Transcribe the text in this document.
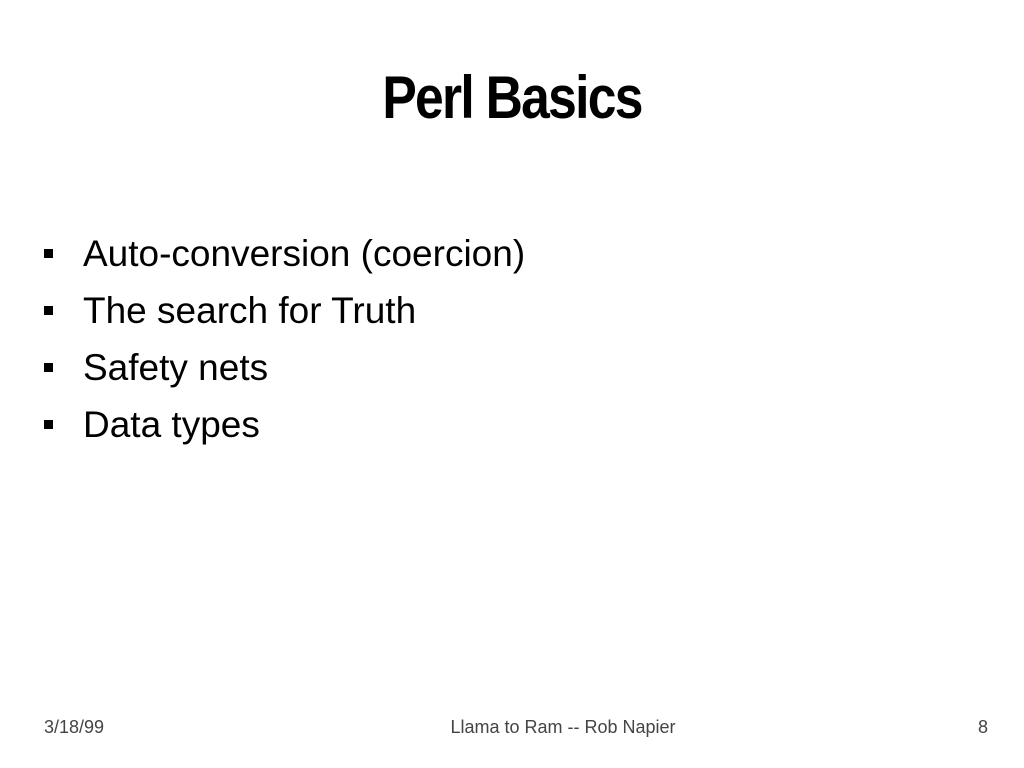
Perl Basics
Auto-conversion (coercion)
The search for Truth
Safety nets
Data types
3/18/99	Llama to Ram -- Rob Napier	8
